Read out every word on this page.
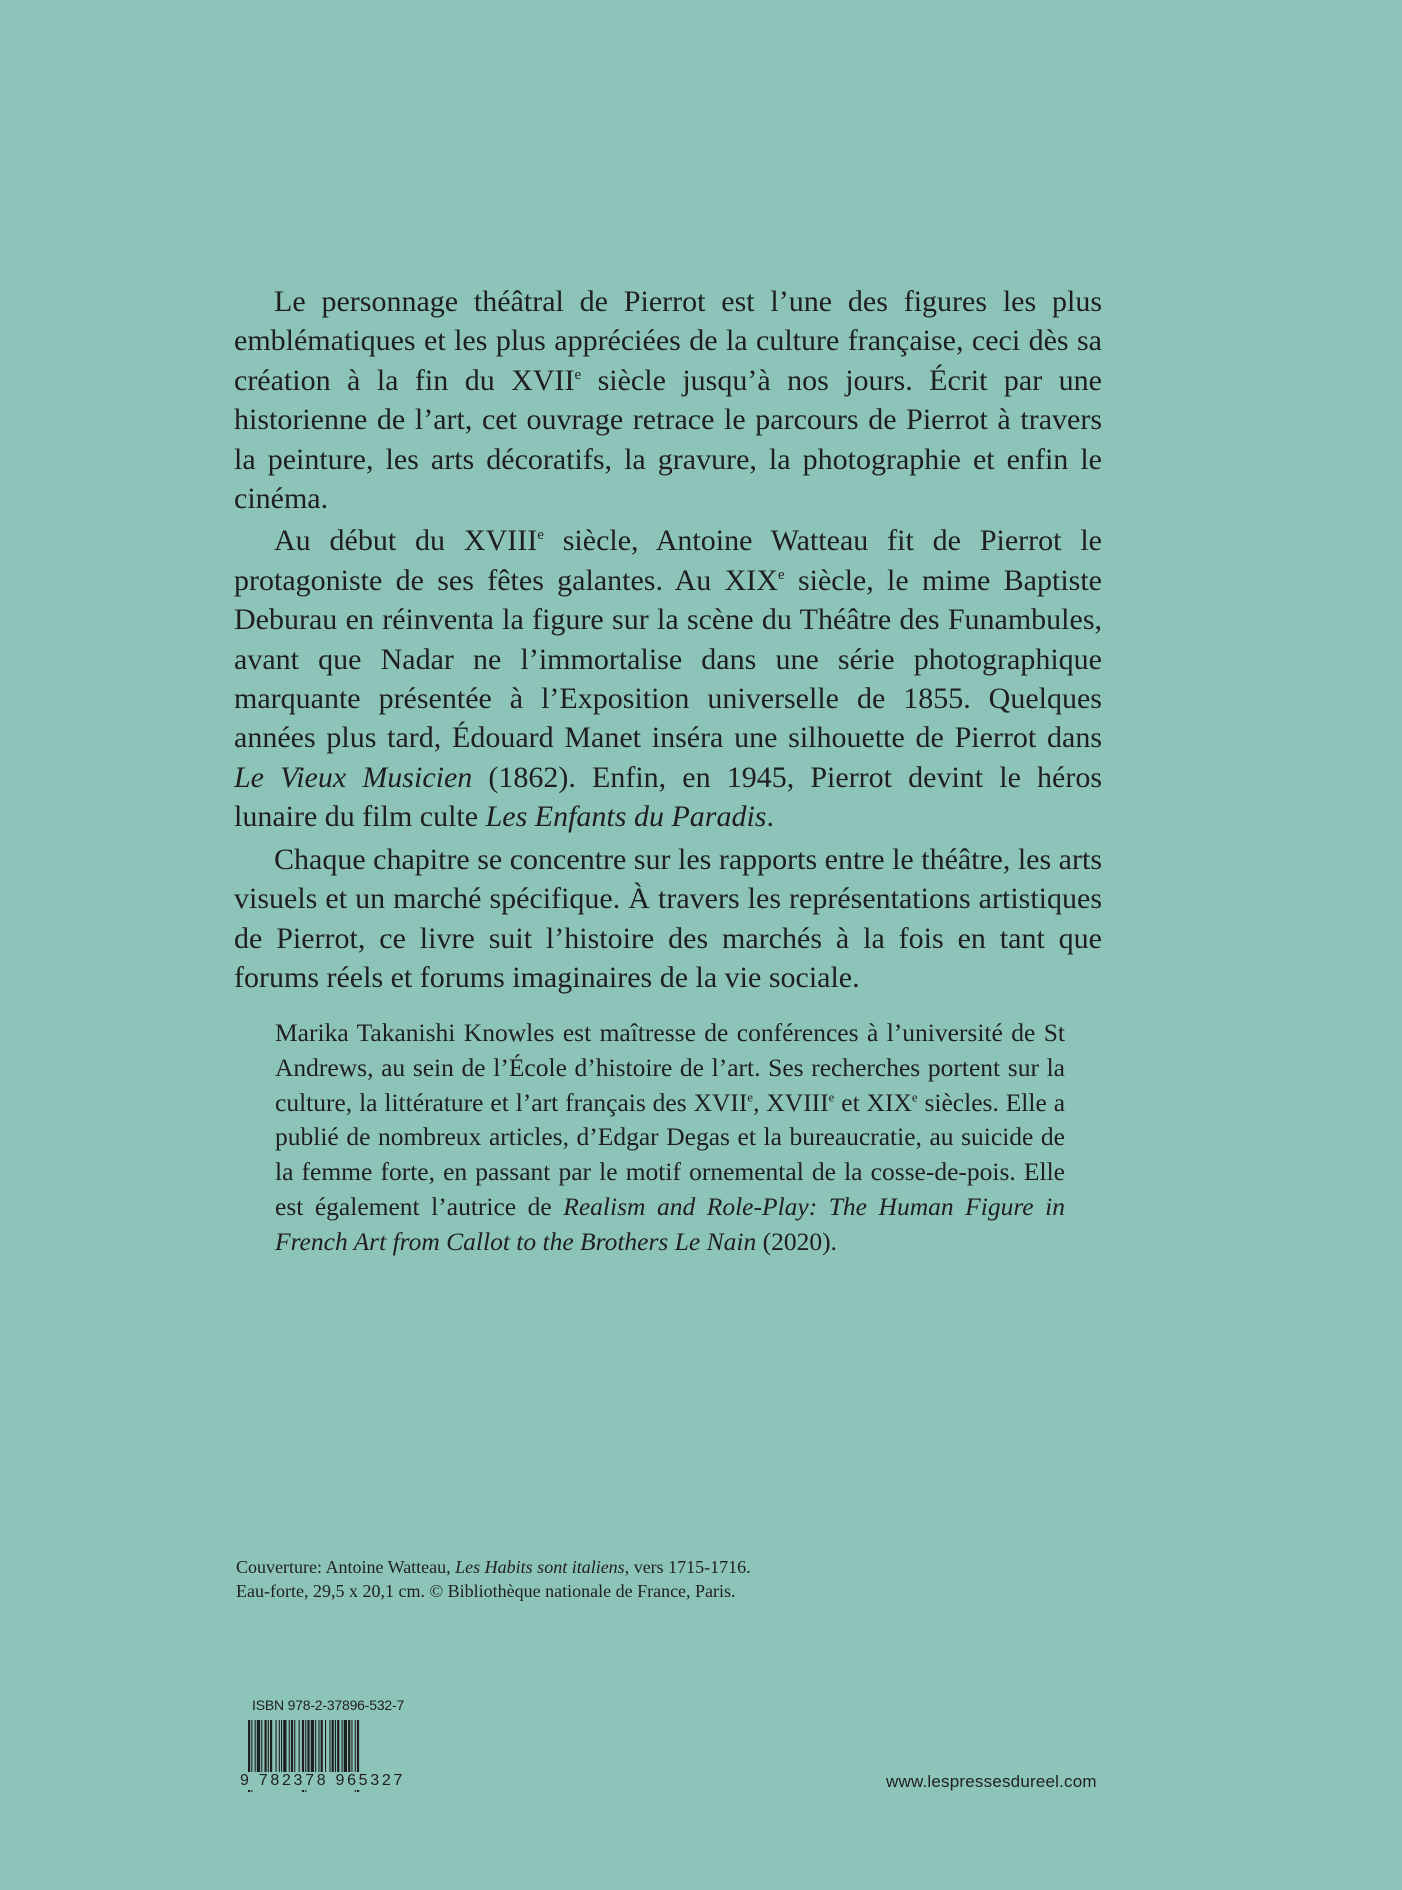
Le personnage théâtral de Pierrot est l’une des figures les plus emblématiques et les plus appréciées de la culture française, ceci dès sa création à la fin du XVIIe siècle jusqu’à nos jours. Écrit par une historienne de l’art, cet ouvrage retrace le parcours de Pierrot à travers la peinture, les arts décoratifs, la gravure, la photographie et enfin le cinéma.

Au début du XVIIIe siècle, Antoine Watteau fit de Pierrot le protagoniste de ses fêtes galantes. Au XIXe siècle, le mime Baptiste Deburau en réinventa la figure sur la scène du Théâtre des Funambules, avant que Nadar ne l’immortalise dans une série photographique marquante présentée à l’Exposition universelle de 1855. Quelques années plus tard, Édouard Manet inséra une silhouette de Pierrot dans Le Vieux Musicien (1862). Enfin, en 1945, Pierrot devint le héros lunaire du film culte Les Enfants du Paradis.

Chaque chapitre se concentre sur les rapports entre le théâtre, les arts visuels et un marché spécifique. À travers les représentations artistiques de Pierrot, ce livre suit l’histoire des marchés à la fois en tant que forums réels et forums imaginaires de la vie sociale.

Marika Takanishi Knowles est maîtresse de conférences à l’université de St Andrews, au sein de l’École d’histoire de l’art. Ses recherches portent sur la culture, la littérature et l’art français des XVIIe, XVIIIe et XIXe siècles. Elle a publié de nombreux articles, d’Edgar Degas et la bureaucratie, au suicide de la femme forte, en passant par le motif ornemental de la cosse-de-pois. Elle est également l’autrice de Realism and Role-Play: The Human Figure in French Art from Callot to the Brothers Le Nain (2020).

Couverture: Antoine Watteau, Les Habits sont italiens, vers 1715-1716.
Eau-forte, 29,5 x 20,1 cm. © Bibliothèque nationale de France, Paris.
ISBN 978-2-37896-532-7
9 782378 965327	www.lespressesdureel.com
